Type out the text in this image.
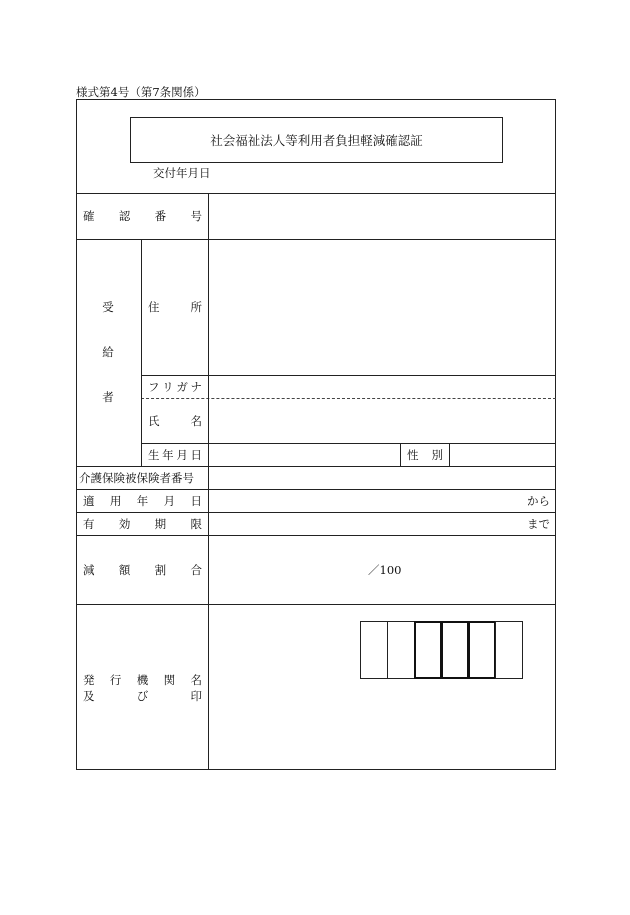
様式第4号（第7条関係）
社会福祉法人等利用者負担軽減確認証
交付年月日
確 認 番 号
受
給
者
住	所
フ リ ガ ナ
氏	名
生 年 月 日	性 別
介護保険被保険者番号
適 用 年 月 日	から
有 効 期 限	まで
減 額 割 合	／100
発 行 機 関 名
及	び	印
